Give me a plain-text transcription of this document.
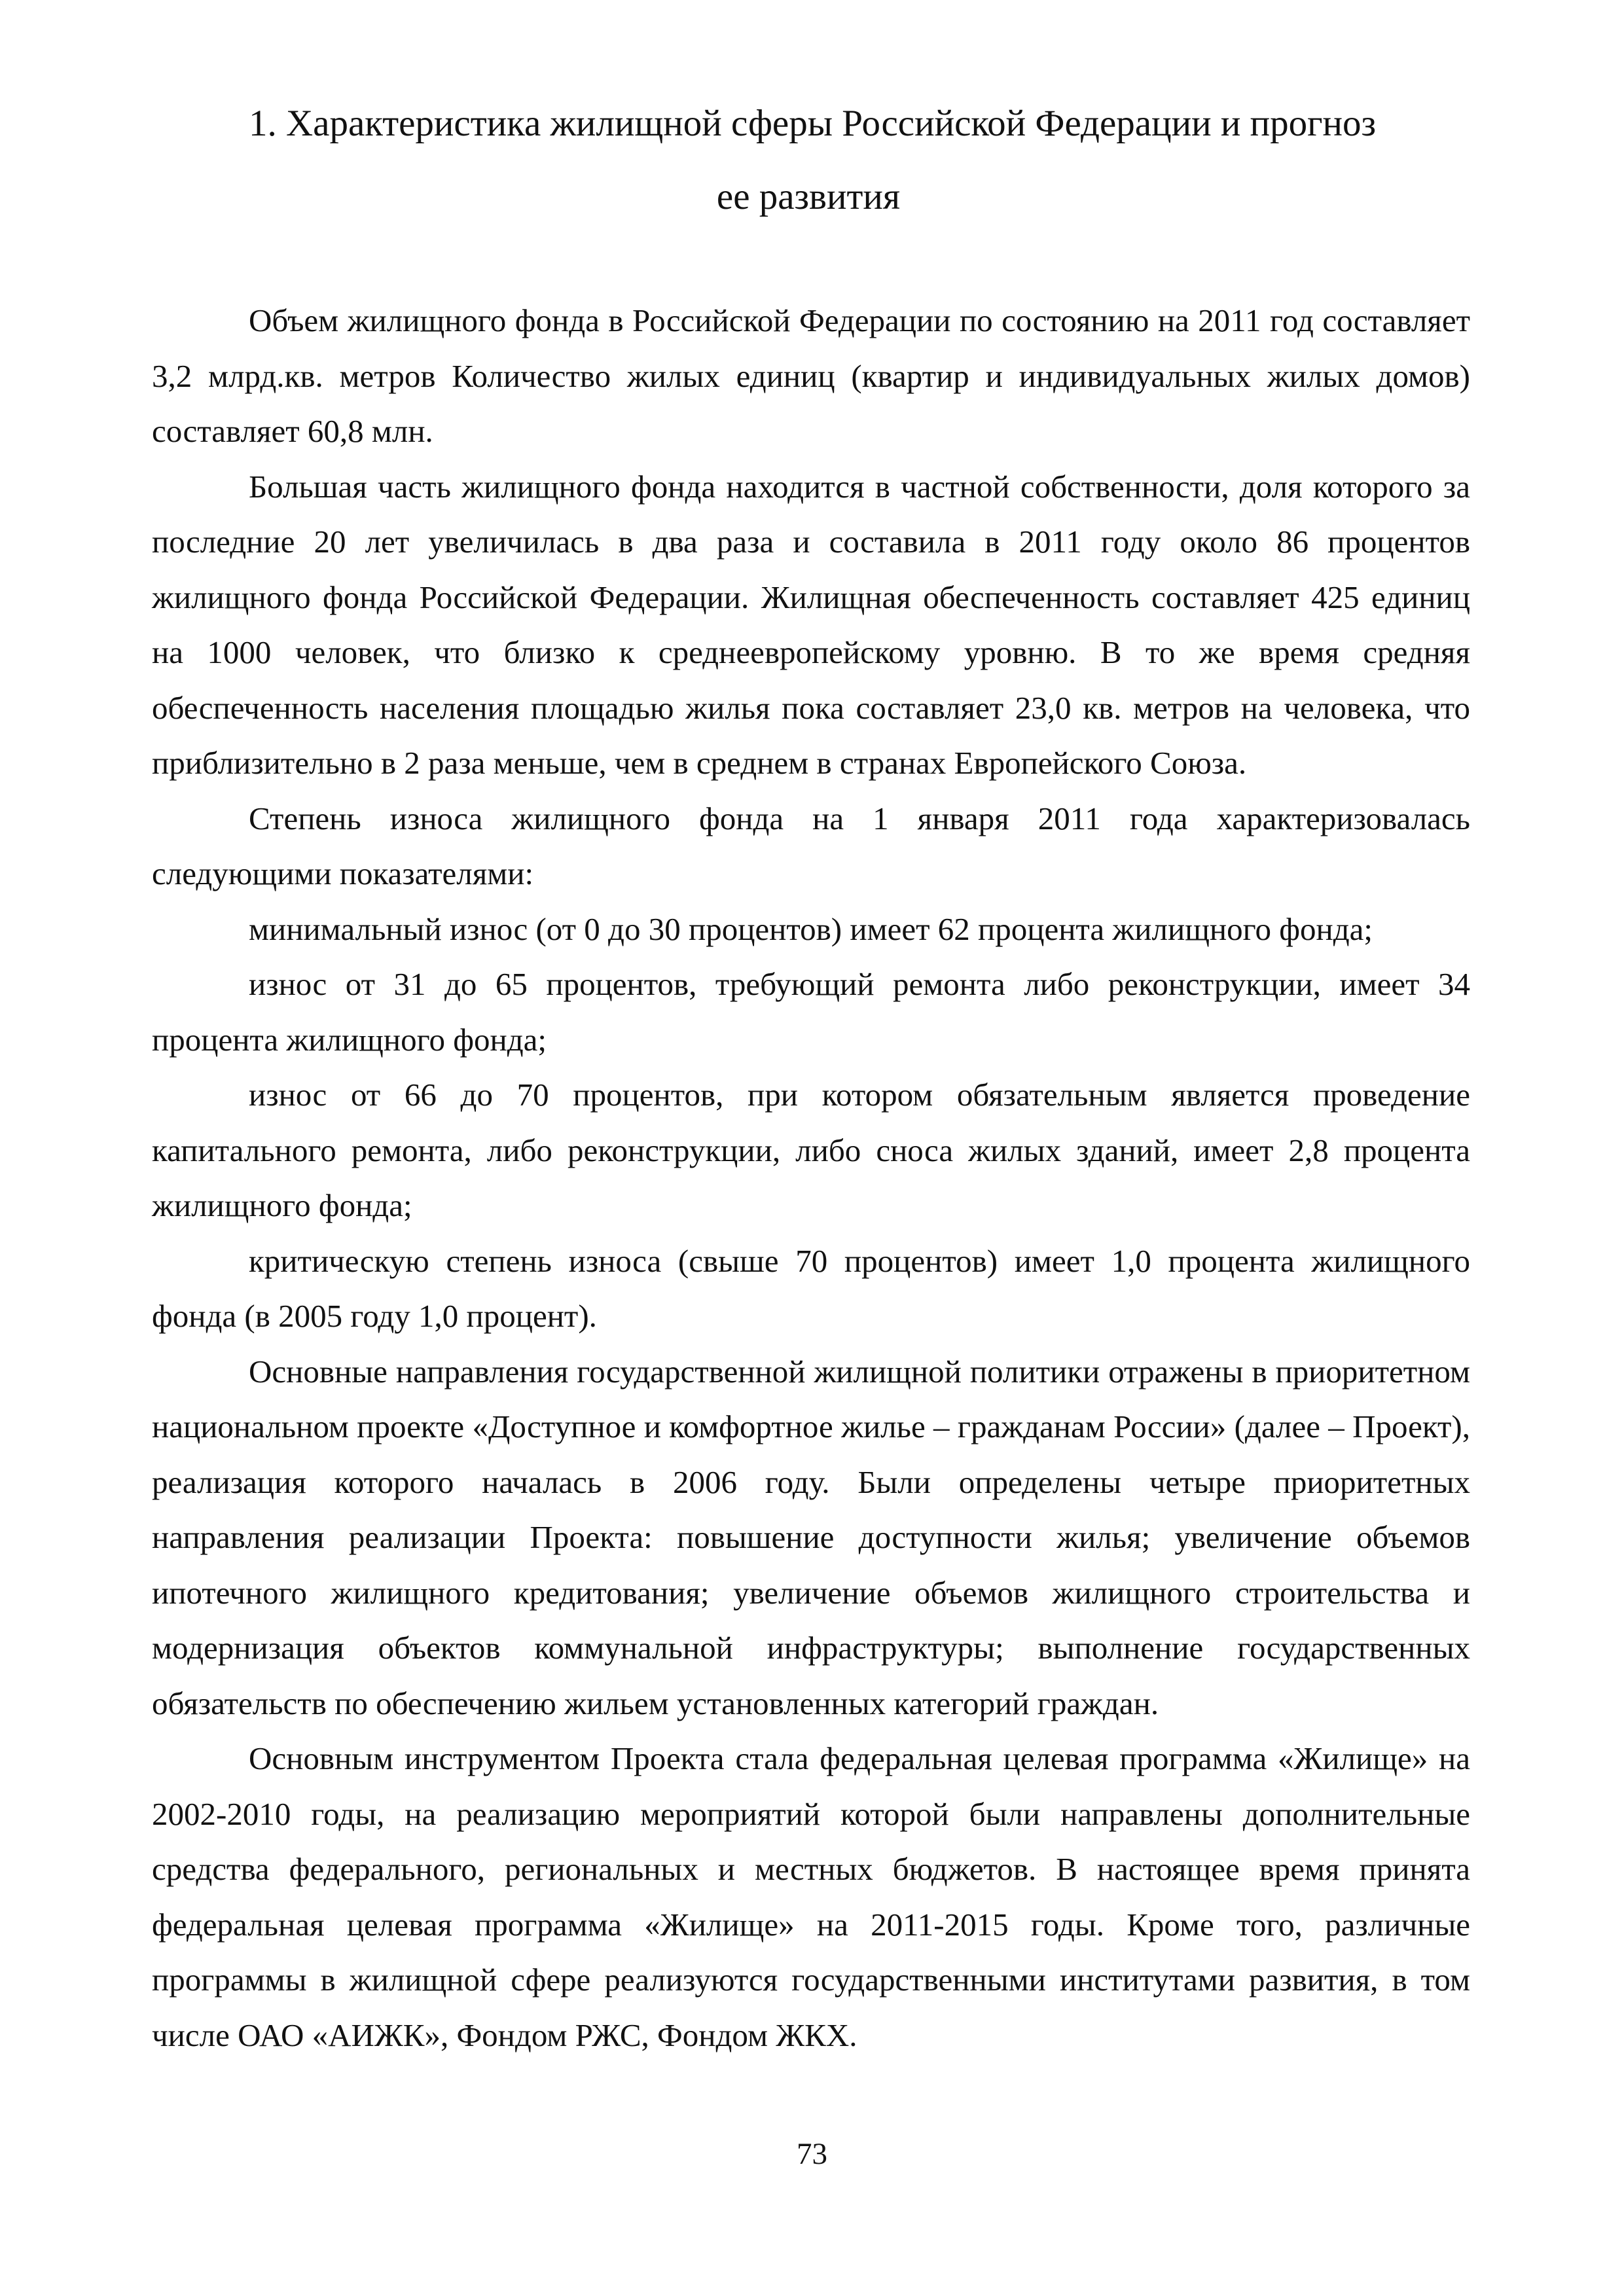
1. Характеристика жилищной сферы Российской Федерации и прогноз
ее развития

Объем жилищного фонда в Российской Федерации по состоянию на 2011 год составляет 3,2 млрд.кв. метров Количество жилых единиц (квартир и индивидуальных жилых домов) составляет 60,8 млн.

Большая часть жилищного фонда находится в частной собственности, доля которого за последние 20 лет увеличилась в два раза и составила в 2011 году около 86 процентов жилищного фонда Российской Федерации. Жилищная обеспеченность составляет 425 единиц на 1000 человек, что близко к среднеевропейскому уровню. В то же время средняя обеспеченность населения площадью жилья пока составляет 23,0 кв. метров на человека, что приблизительно в 2 раза меньше, чем в среднем в странах Европейского Союза.

Степень износа жилищного фонда на 1 января 2011 года характеризовалась следующими показателями:

минимальный износ (от 0 до 30 процентов) имеет 62 процента жилищного фонда;

износ от 31 до 65 процентов, требующий ремонта либо реконструкции, имеет 34 процента жилищного фонда;

износ от 66 до 70 процентов, при котором обязательным является проведение капитального ремонта, либо реконструкции, либо сноса жилых зданий, имеет 2,8 процента жилищного фонда;

критическую степень износа (свыше 70 процентов) имеет 1,0 процента жилищного фонда (в 2005 году 1,0 процент).

Основные направления государственной жилищной политики отражены в приоритетном национальном проекте «Доступное и комфортное жилье – гражданам России» (далее – Проект), реализация которого началась в 2006 году. Были определены четыре приоритетных направления реализации Проекта: повышение доступности жилья; увеличение объемов ипотечного жилищного кредитования; увеличение объемов жилищного строительства и модернизация объектов коммунальной инфраструктуры; выполнение государственных обязательств по обеспечению жильем установленных категорий граждан.

Основным инструментом Проекта стала федеральная целевая программа «Жилище» на 2002-2010 годы, на реализацию мероприятий которой были направлены дополнительные средства федерального, региональных и местных бюджетов. В настоящее время принята федеральная целевая программа «Жилище» на 2011-2015 годы. Кроме того, различные программы в жилищной сфере реализуются государственными институтами развития, в том числе ОАО «АИЖК», Фондом РЖС, Фондом ЖКХ.

73
